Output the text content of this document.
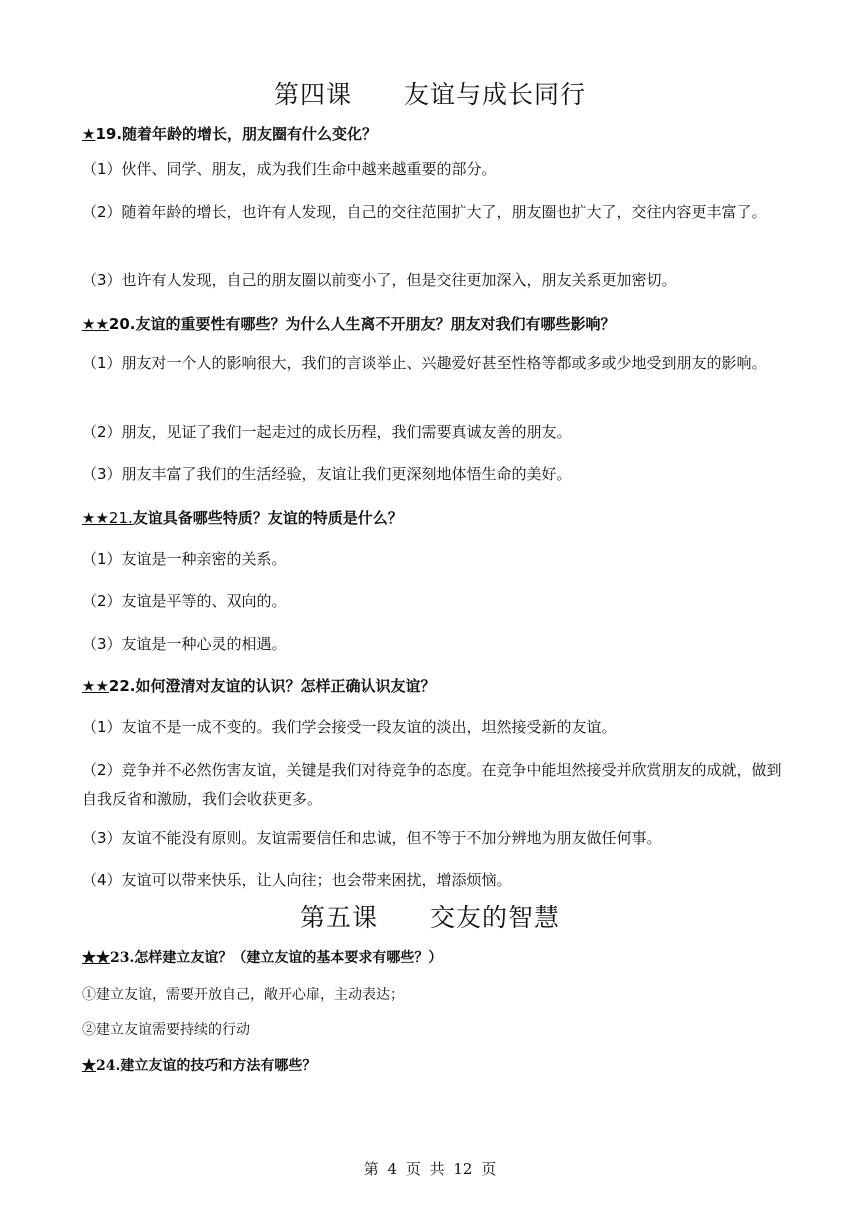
第四课　　友谊与成长同行
★19.随着年龄的增长，朋友圈有什么变化？
（1）伙伴、同学、朋友，成为我们生命中越来越重要的部分。
（2）随着年龄的增长，也许有人发现，自己的交往范围扩大了，朋友圈也扩大了，交往内容更丰富了。
（3）也许有人发现，自己的朋友圈以前变小了，但是交往更加深入，朋友关系更加密切。
★★20.友谊的重要性有哪些？为什么人生离不开朋友？朋友对我们有哪些影响？
（1）朋友对一个人的影响很大，我们的言谈举止、兴趣爱好甚至性格等都或多或少地受到朋友的影响。
（2）朋友，见证了我们一起走过的成长历程，我们需要真诚友善的朋友。
（3）朋友丰富了我们的生活经验，友谊让我们更深刻地体悟生命的美好。
★★21.友谊具备哪些特质？友谊的特质是什么？
（1）友谊是一种亲密的关系。
（2）友谊是平等的、双向的。
（3）友谊是一种心灵的相遇。
★★22.如何澄清对友谊的认识？怎样正确认识友谊？
（1）友谊不是一成不变的。我们学会接受一段友谊的淡出，坦然接受新的友谊。
（2）竞争并不必然伤害友谊，关键是我们对待竞争的态度。在竞争中能坦然接受并欣赏朋友的成就，做到自我反省和激励，我们会收获更多。
（3）友谊不能没有原则。友谊需要信任和忠诚，但不等于不加分辨地为朋友做任何事。
（4）友谊可以带来快乐，让人向往；也会带来困扰，增添烦恼。
第五课　　交友的智慧
★★23.怎样建立友谊？（建立友谊的基本要求有哪些？）
①建立友谊，需要开放自己，敞开心扉，主动表达；
②建立友谊需要持续的行动
★24.建立友谊的技巧和方法有哪些？
第 4 页 共 12 页
